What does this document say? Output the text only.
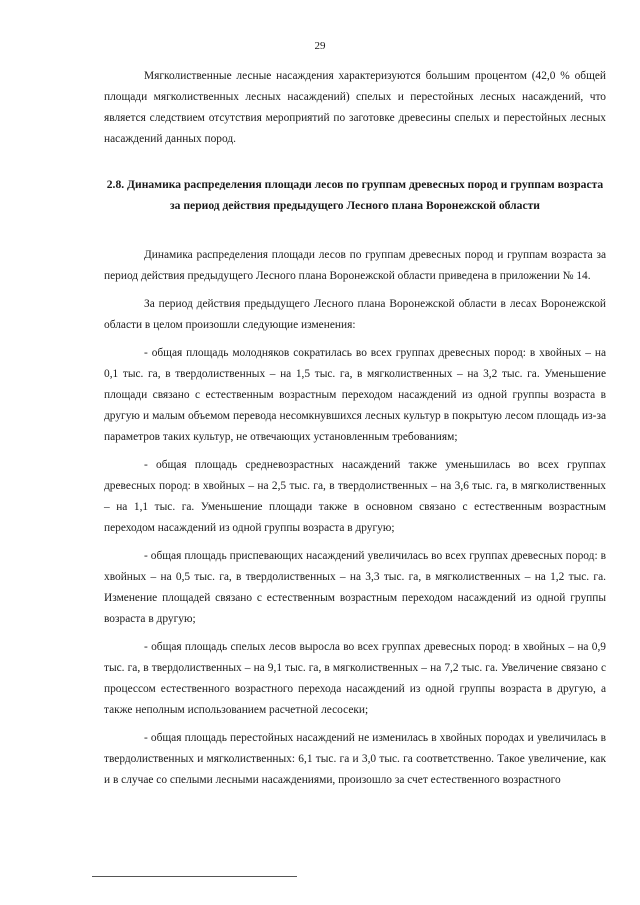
29

Мягколиственные лесные насаждения характеризуются большим процентом (42,0 % общей площади мягколиственных лесных насаждений) спелых и перестойных лесных насаждений, что является следствием отсутствия мероприятий по заготовке древесины спелых и перестойных лесных насаждений данных пород.

2.8. Динамика распределения площади лесов по группам древесных пород и группам возраста за период действия предыдущего Лесного плана Воронежской области

Динамика распределения площади лесов по группам древесных пород и группам возраста за период действия предыдущего Лесного плана Воронежской области приведена в приложении № 14.

За период действия предыдущего Лесного плана Воронежской области в лесах Воронежской области в целом произошли следующие изменения:

- общая площадь молодняков сократилась во всех группах древесных пород: в хвойных – на 0,1 тыс. га, в твердолиственных – на 1,5 тыс. га, в мягколиственных – на 3,2 тыс. га. Уменьшение площади связано с естественным возрастным переходом насаждений из одной группы возраста в другую и малым объемом перевода несомкнувшихся лесных культур в покрытую лесом площадь из-за параметров таких культур, не отвечающих установленным требованиям;

- общая площадь средневозрастных насаждений также уменьшилась во всех группах древесных пород: в хвойных – на 2,5 тыс. га, в твердолиственных – на 3,6 тыс. га, в мягколиственных – на 1,1 тыс. га. Уменьшение площади также в основном связано с естественным возрастным переходом насаждений из одной группы возраста в другую;

- общая площадь приспевающих насаждений увеличилась во всех группах древесных пород: в хвойных – на 0,5 тыс. га, в твердолиственных – на 3,3 тыс. га, в мягколиственных – на 1,2 тыс. га. Изменение площадей связано с естественным возрастным переходом насаждений из одной группы возраста в другую;

- общая площадь спелых лесов выросла во всех группах древесных пород: в хвойных – на 0,9 тыс. га, в твердолиственных – на 9,1 тыс. га, в мягколиственных – на 7,2 тыс. га. Увеличение связано с процессом естественного возрастного перехода насаждений из одной группы возраста в другую, а также неполным использованием расчетной лесосеки;

- общая площадь перестойных насаждений не изменилась в хвойных породах и увеличилась в твердолиственных и мягколиственных: 6,1 тыс. га и 3,0 тыс. га соответственно. Такое увеличение, как и в случае со спелыми лесными насаждениями, произошло за счет естественного возрастного
